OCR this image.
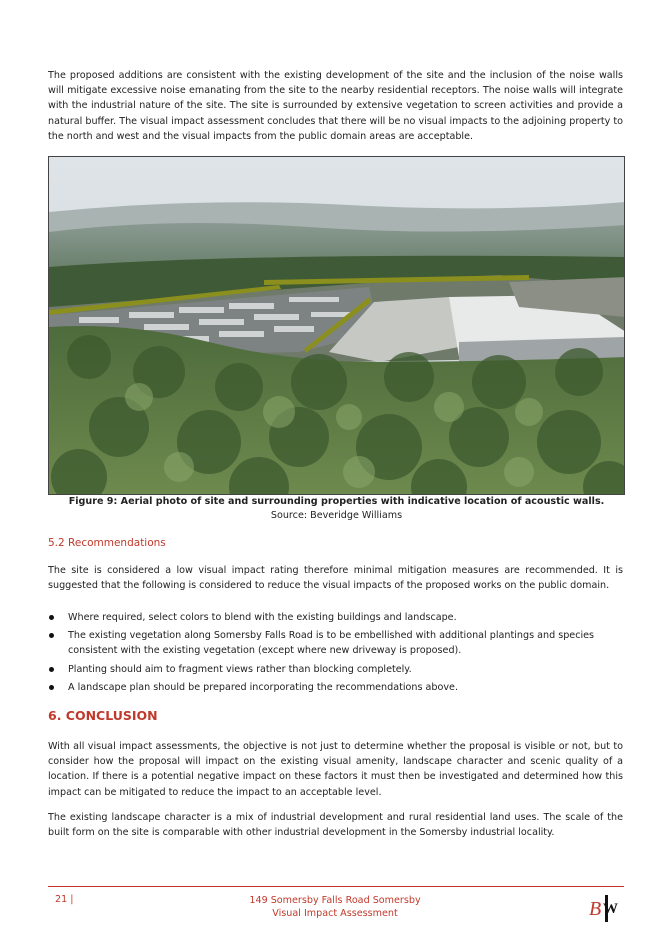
The proposed additions are consistent with the existing development of the site and the inclusion of the noise walls will mitigate excessive noise emanating from the site to the nearby residential receptors. The noise walls will integrate with the industrial nature of the site. The site is surrounded by extensive vegetation to screen activities and provide a natural buffer. The visual impact assessment concludes that there will be no visual impacts to the adjoining property to the north and west and the visual impacts from the public domain areas are acceptable.

Figure 9: Aerial photo of site and surrounding properties with indicative location of acoustic walls.

Source: Beveridge Williams

5.2 Recommendations

The site is considered a low visual impact rating therefore minimal mitigation measures are recommended. It is suggested that the following is considered to reduce the visual impacts of the proposed works on the public domain.

Where required, select colors to blend with the existing buildings and landscape.
The existing vegetation along Somersby Falls Road is to be embellished with additional plantings and species consistent with the existing vegetation (except where new driveway is proposed).
Planting should aim to fragment views rather than blocking completely.
A landscape plan should be prepared incorporating the recommendations above.

6. CONCLUSION

With all visual impact assessments, the objective is not just to determine whether the proposal is visible or not, but to consider how the proposal will impact on the existing visual amenity, landscape character and scenic quality of a location. If there is a potential negative impact on these factors it must then be investigated and determined how this impact can be mitigated to reduce the impact to an acceptable level.

The existing landscape character is a mix of industrial development and rural residential land uses. The scale of the built form on the site is comparable with other industrial development in the Somersby industrial locality.

21 |	149 Somersby Falls Road Somersby
Visual Impact Assessment	B W
